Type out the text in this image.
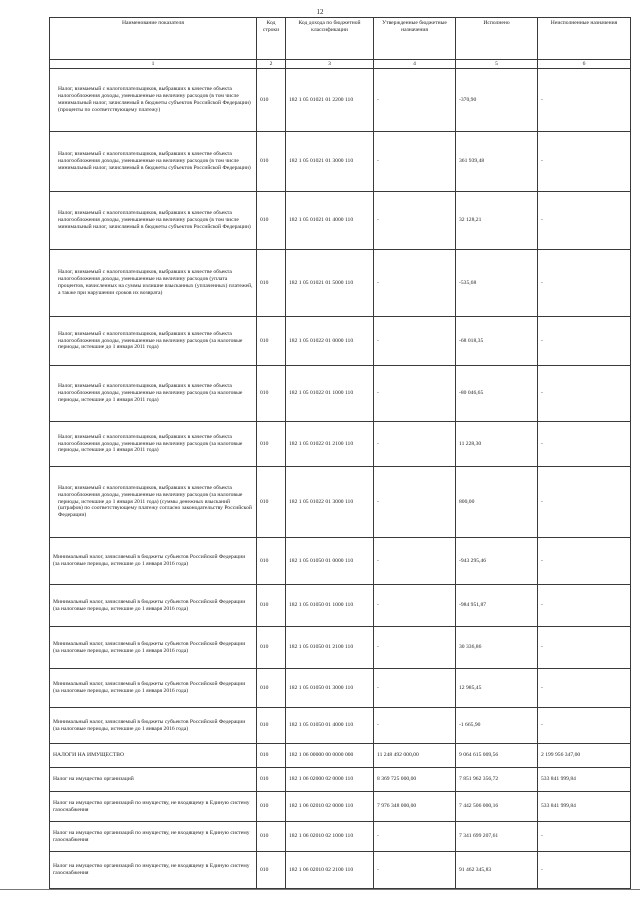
12
Наименование показателя	Код строки	Код дохода по бюджетной классификации	Утвержденные бюджетные назначения	Исполнено	Неисполненные назначения
1	2	3	4	5	6
Налог, взимаемый с налогоплательщиков, выбравших в качестве объекта налогообложения доходы, уменьшенные на величину расходов (в том числе минимальный налог, зачисляемый в бюджеты субъектов Российской Федерации) (проценты по соответствующему платежу)	010	182 1 05 01021 01 2200 110	-	-370,90	-
Налог, взимаемый с налогоплательщиков, выбравших в качестве объекта налогообложения доходы, уменьшенные на величину расходов (в том числе минимальный налог, зачисляемый в бюджеты субъектов Российской Федерации)	010	182 1 05 01021 01 3000 110	-	361 939,48	-
Налог, взимаемый с налогоплательщиков, выбравших в качестве объекта налогообложения доходы, уменьшенные на величину расходов (в том числе минимальный налог, зачисляемый в бюджеты субъектов Российской Федерации)	010	182 1 05 01021 01 4000 110	-	32 128,21	-
Налог, взимаемый с налогоплательщиков, выбравших в качестве объекта налогообложения доходы, уменьшенные на величину расходов (уплата процентов, начисленных на суммы излишне взысканных (уплаченных) платежей, а также при нарушении сроков их возврата)	010	182 1 05 01021 01 5000 110	-	-535,68	-
Налог, взимаемый с налогоплательщиков, выбравших в качестве объекта налогообложения доходы, уменьшенные на величину расходов (за налоговые периоды, истекшие до 1 января 2011 года)	010	182 1 05 01022 01 0000 110	-	-68 018,35	-
Налог, взимаемый с налогоплательщиков, выбравших в качестве объекта налогообложения доходы, уменьшенные на величину расходов (за налоговые периоды, истекшие до 1 января 2011 года)	010	182 1 05 01022 01 1000 110	-	-80 046,65	-
Налог, взимаемый с налогоплательщиков, выбравших в качестве объекта налогообложения доходы, уменьшенные на величину расходов (за налоговые периоды, истекшие до 1 января 2011 года)	010	182 1 05 01022 01 2100 110	-	11 228,30	-
Налог, взимаемый с налогоплательщиков, выбравших в качестве объекта налогообложения доходы, уменьшенные на величину расходов (за налоговые периоды, истекшие до 1 января 2011 года) (суммы денежных взысканий (штрафов) по соответствующему платежу согласно законодательству Российской Федерации)	010	182 1 05 01022 01 3000 110	-	800,00	-
Минимальный налог, зачисляемый в бюджеты субъектов Российской Федерации (за налоговые периоды, истекшие до 1 января 2016 года)	010	182 1 05 01050 01 0000 110	-	-943 295,46	-
Минимальный налог, зачисляемый в бюджеты субъектов Российской Федерации (за налоговые периоды, истекшие до 1 января 2016 года)	010	182 1 05 01050 01 1000 110	-	-984 951,87	-
Минимальный налог, зачисляемый в бюджеты субъектов Российской Федерации (за налоговые периоды, истекшие до 1 января 2016 года)	010	182 1 05 01050 01 2100 110	-	30 336,86	-
Минимальный налог, зачисляемый в бюджеты субъектов Российской Федерации (за налоговые периоды, истекшие до 1 января 2016 года)	010	182 1 05 01050 01 3000 110	-	12 985,45	-
Минимальный налог, зачисляемый в бюджеты субъектов Российской Федерации (за налоговые периоды, истекшие до 1 января 2016 года)	010	182 1 05 01050 01 4000 110	-	-1 665,90	-
НАЛОГИ НА ИМУЩЕСТВО	010	182 1 06 00000 00 0000 000	11 248 492 000,00	9 064 615 009,56	2 199 956 347,00
Налог на имущество организаций	010	182 1 06 02000 02 0000 110	8 369 725 000,00	7 851 962 356,72	533 841 999,84
Налог на имущество организаций по имуществу, не входящему в Единую систему газоснабжения	010	182 1 06 02010 02 0000 110	7 976 348 000,00	7 442 506 000,16	533 841 999,84
Налог на имущество организаций по имуществу, не входящему в Единую систему газоснабжения	010	182 1 06 02010 02 1000 110	-	7 341 699 207,61	-
Налог на имущество организаций по имуществу, не входящему в Единую систему газоснабжения	010	182 1 06 02010 02 2100 110	-	91 462 345,83	-
